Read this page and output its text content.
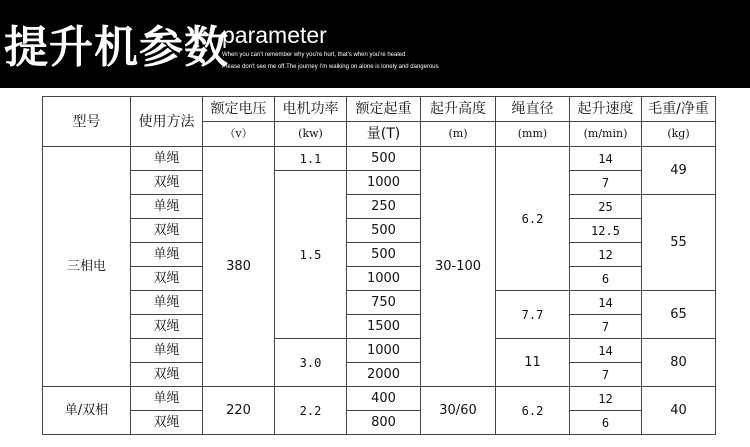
提升机参数
parameter
When you can't remember why you're hurt, that's when you're healed
Please don't see me off.The journey I'm walking on alone is lonely and dangerous
型号	使用方法	额定电压	电机功率	额定起重	起升高度	绳直径	起升速度	毛重/净重
		（v）	(kw)	量(T)	(m)	(mm)	(m/min)	(kg)
三相电	单绳	380	1.1	500	30-100	6.2	14	49
	双绳		1.5	1000			7	
	单绳			250			25	55
	双绳			500			12.5	
	单绳			500			12	
	双绳			1000			6	
	单绳			750		7.7	14	65
	双绳			1500			7	
	单绳		3.0	1000		11	14	80
	双绳			2000			7	
单/双相	单绳	220	2.2	400	30/60	6.2	12	40
	双绳			800			6	
